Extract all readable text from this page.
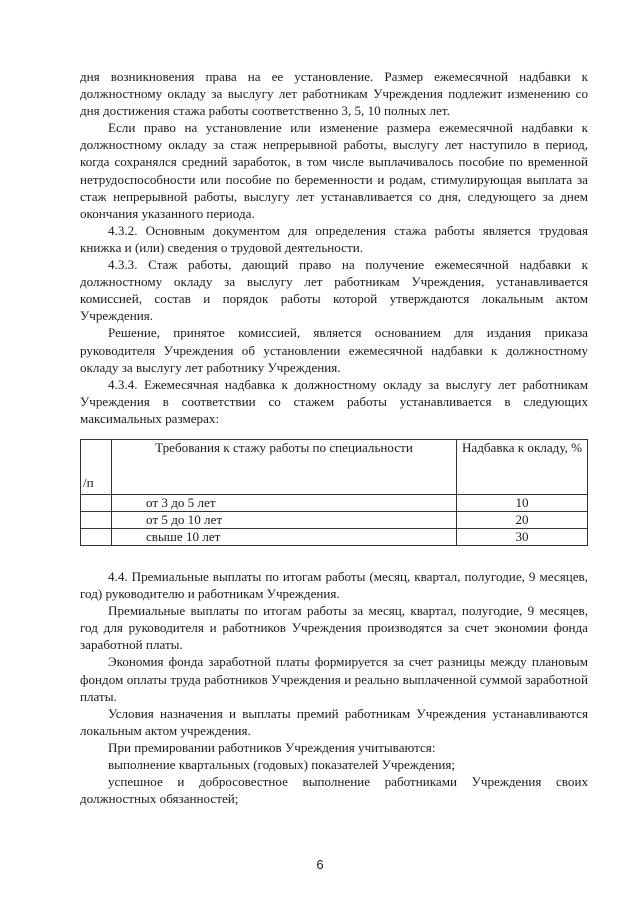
дня возникновения права на ее установление. Размер ежемесячной надбавки к должностному окладу за выслугу лет работникам Учреждения подлежит изменению со дня достижения стажа работы соответственно 3, 5, 10 полных лет.

Если право на установление или изменение размера ежемесячной надбавки к должностному окладу за стаж непрерывной работы, выслугу лет наступило в период, когда сохранялся средний заработок, в том числе выплачивалось пособие по временной нетрудоспособности или пособие по беременности и родам, стимулирующая выплата за стаж непрерывной работы, выслугу лет устанавливается со дня, следующего за днем окончания указанного периода.

4.3.2. Основным документом для определения стажа работы является трудовая книжка и (или) сведения о трудовой деятельности.

4.3.3. Стаж работы, дающий право на получение ежемесячной надбавки к должностному окладу за выслугу лет работникам Учреждения, устанавливается комиссией, состав и порядок работы которой утверждаются локальным актом Учреждения.

Решение, принятое комиссией, является основанием для издания приказа руководителя Учреждения об установлении ежемесячной надбавки к должностному окладу за выслугу лет работнику Учреждения.

4.3.4. Ежемесячная надбавка к должностному окладу за выслугу лет работникам Учреждения в соответствии со стажем работы устанавливается в следующих максимальных размерах:

/п	Требования к стажу работы по специальности	Надбавка к окладу, %
	от 3 до 5 лет	10
	от 5 до 10 лет	20
	свыше 10 лет	30

4.4. Премиальные выплаты по итогам работы (месяц, квартал, полугодие, 9 месяцев, год) руководителю и работникам Учреждения.

Премиальные выплаты по итогам работы за месяц, квартал, полугодие, 9 месяцев, год для руководителя и работников Учреждения производятся за счет экономии фонда заработной платы.

Экономия фонда заработной платы формируется за счет разницы между плановым фондом оплаты труда работников Учреждения и реально выплаченной суммой заработной платы.

Условия назначения и выплаты премий работникам Учреждения устанавливаются локальным актом учреждения.

При премировании работников Учреждения учитываются:

выполнение квартальных (годовых) показателей Учреждения;

успешное и добросовестное выполнение работниками Учреждения своих должностных обязанностей;

6
